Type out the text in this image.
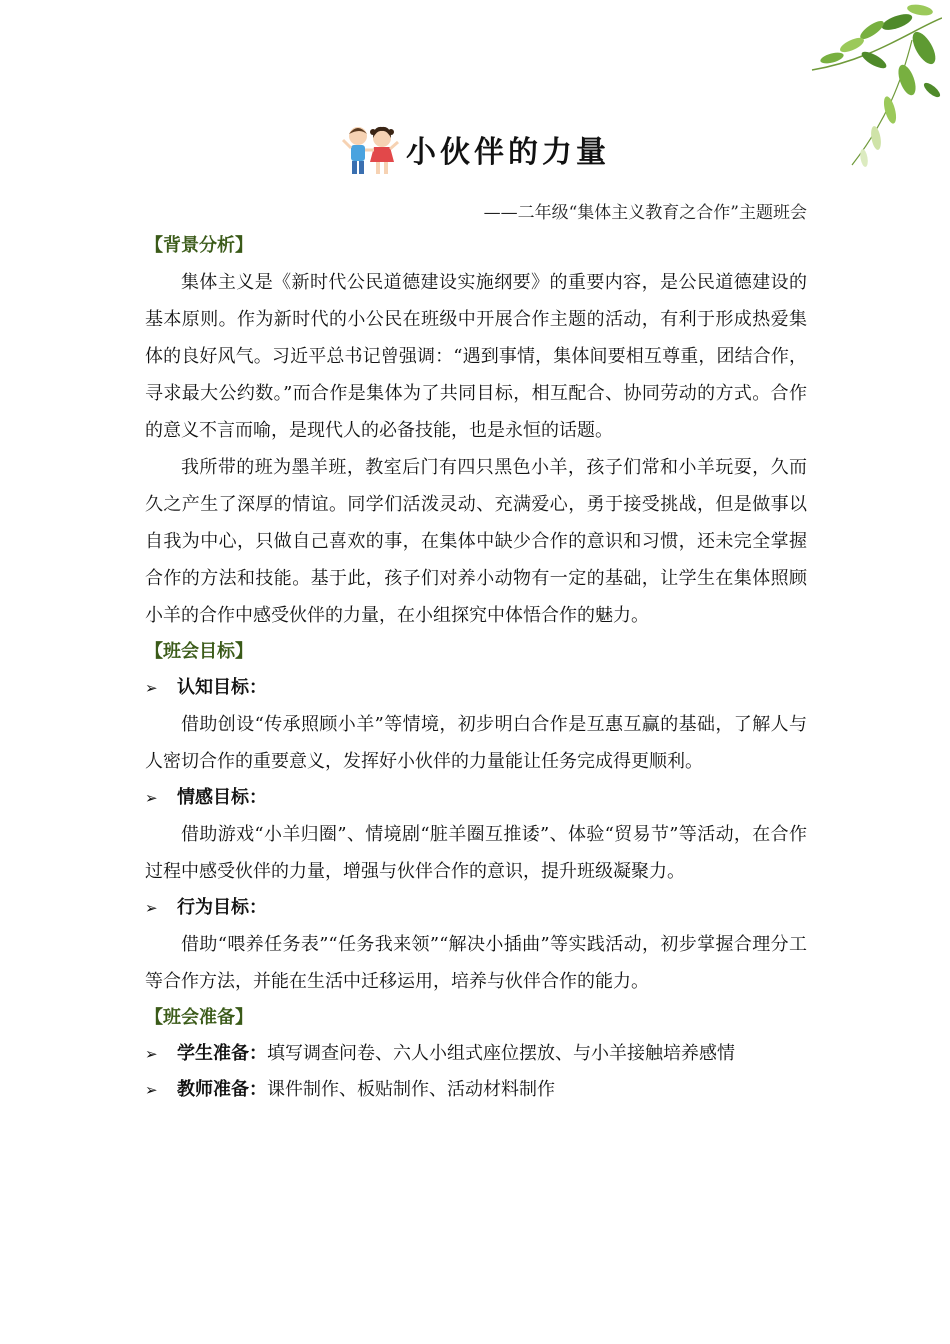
小伙伴的力量
——二年级“集体主义教育之合作”主题班会
【背景分析】

集体主义是《新时代公民道德建设实施纲要》的重要内容，是公民道德建设的基本原则。作为新时代的小公民在班级中开展合作主题的活动，有利于形成热爱集体的良好风气。习近平总书记曾强调：“遇到事情，集体间要相互尊重，团结合作，寻求最大公约数。”而合作是集体为了共同目标，相互配合、协同劳动的方式。合作的意义不言而喻，是现代人的必备技能，也是永恒的话题。

我所带的班为墨羊班，教室后门有四只黑色小羊，孩子们常和小羊玩耍，久而久之产生了深厚的情谊。同学们活泼灵动、充满爱心，勇于接受挑战，但是做事以自我为中心，只做自己喜欢的事，在集体中缺少合作的意识和习惯，还未完全掌握合作的方法和技能。基于此，孩子们对养小动物有一定的基础，让学生在集体照顾小羊的合作中感受伙伴的力量，在小组探究中体悟合作的魅力。

【班会目标】
➢	认知目标：

借助创设“传承照顾小羊”等情境，初步明白合作是互惠互赢的基础，了解人与人密切合作的重要意义，发挥好小伙伴的力量能让任务完成得更顺利。

➢	情感目标：

借助游戏“小羊归圈”、情境剧“脏羊圈互推诿”、体验“贸易节”等活动，在合作过程中感受伙伴的力量，增强与伙伴合作的意识，提升班级凝聚力。

➢	行为目标：

借助“喂养任务表”“任务我来领”“解决小插曲”等实践活动，初步掌握合理分工等合作方法，并能在生活中迁移运用，培养与伙伴合作的能力。

【班会准备】
➢	学生准备： 填写调查问卷、六人小组式座位摆放、与小羊接触培养感情
➢	教师准备： 课件制作、板贴制作、活动材料制作
